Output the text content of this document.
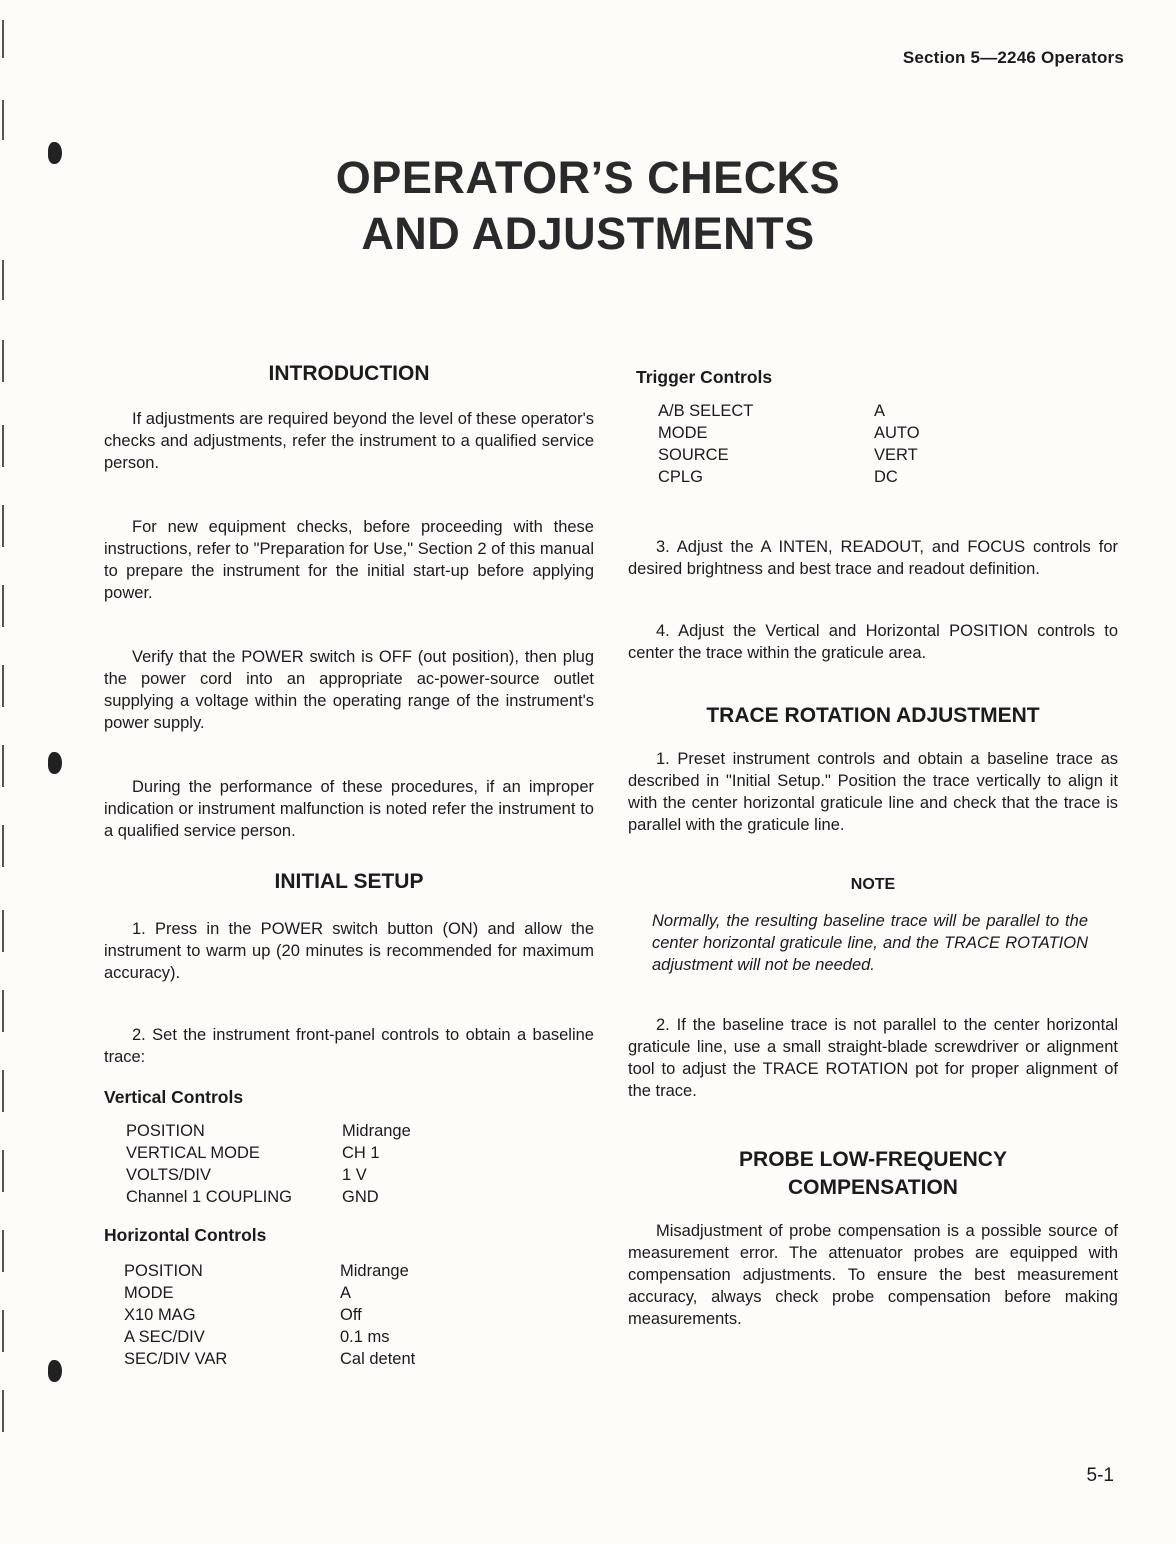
Section 5—2246 Operators
OPERATOR’S CHECKS
AND ADJUSTMENTS
INTRODUCTION

If adjustments are required beyond the level of these operator's checks and adjustments, refer the instrument to a qualified service person.

For new equipment checks, before proceeding with these instructions, refer to "Preparation for Use," Section 2 of this manual to prepare the instrument for the initial start-up before applying power.

Verify that the POWER switch is OFF (out position), then plug the power cord into an appropriate ac-power-source outlet supplying a voltage within the operating range of the instrument's power supply.

During the performance of these procedures, if an improper indication or instrument malfunction is noted refer the instrument to a qualified service person.

INITIAL SETUP

1. Press in the POWER switch button (ON) and allow the instrument to warm up (20 minutes is recommended for maximum accuracy).

2. Set the instrument front-panel controls to obtain a baseline trace:

Vertical Controls
POSITION	Midrange
VERTICAL MODE	CH 1
VOLTS/DIV	1 V
Channel 1 COUPLING	GND
Horizontal Controls
POSITION	Midrange
MODE	A
X10 MAG	Off
A SEC/DIV	0.1 ms
SEC/DIV VAR	Cal detent
Trigger Controls
A/B SELECT	A
MODE	AUTO
SOURCE	VERT
CPLG	DC

3. Adjust the A INTEN, READOUT, and FOCUS controls for desired brightness and best trace and readout definition.

4. Adjust the Vertical and Horizontal POSITION controls to center the trace within the graticule area.

TRACE ROTATION ADJUSTMENT

1. Preset instrument controls and obtain a baseline trace as described in "Initial Setup." Position the trace vertically to align it with the center horizontal graticule line and check that the trace is parallel with the graticule line.

NOTE

Normally, the resulting baseline trace will be parallel to the center horizontal graticule line, and the TRACE ROTATION adjustment will not be needed.

2. If the baseline trace is not parallel to the center horizontal graticule line, use a small straight-blade screwdriver or alignment tool to adjust the TRACE ROTATION pot for proper alignment of the trace.

PROBE LOW-FREQUENCY
COMPENSATION

Misadjustment of probe compensation is a possible source of measurement error. The attenuator probes are equipped with compensation adjustments. To ensure the best measurement accuracy, always check probe compensation before making measurements.

5-1
